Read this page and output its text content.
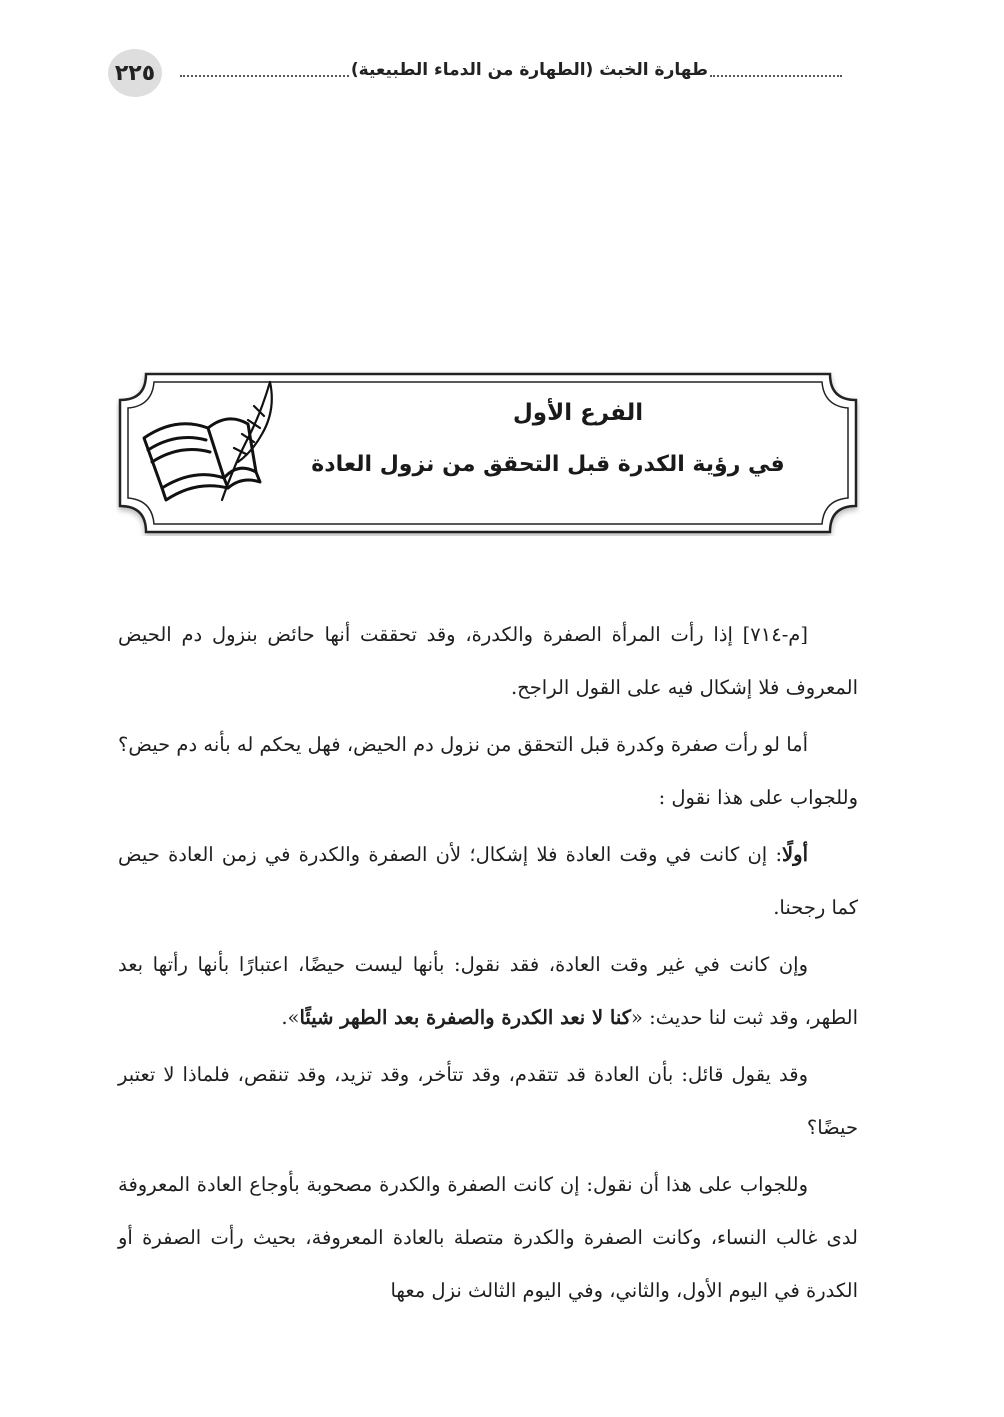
٢٢٥	طهارة الخبث (الطهارة من الدماء الطبيعية)
الفرع الأول
في رؤية الكدرة قبل التحقق من نزول العادة

[م-٧١٤] إذا رأت المرأة الصفرة والكدرة، وقد تحققت أنها حائض بنزول دم الحيض المعروف فلا إشكال فيه على القول الراجح.

أما لو رأت صفرة وكدرة قبل التحقق من نزول دم الحيض، فهل يحكم له بأنه دم حيض؟ وللجواب على هذا نقول :

أولًا: إن كانت في وقت العادة فلا إشكال؛ لأن الصفرة والكدرة في زمن العادة حيض كما رجحنا.

وإن كانت في غير وقت العادة، فقد نقول: بأنها ليست حيضًا، اعتبارًا بأنها رأتها بعد الطهر، وقد ثبت لنا حديث: «كنا لا نعد الكدرة والصفرة بعد الطهر شيئًا».

وقد يقول قائل: بأن العادة قد تتقدم، وقد تتأخر، وقد تزيد، وقد تنقص، فلماذا لا تعتبر حيضًا؟

وللجواب على هذا أن نقول: إن كانت الصفرة والكدرة مصحوبة بأوجاع العادة المعروفة لدى غالب النساء، وكانت الصفرة والكدرة متصلة بالعادة المعروفة، بحيث رأت الصفرة أو الكدرة في اليوم الأول، والثاني، وفي اليوم الثالث نزل معها
